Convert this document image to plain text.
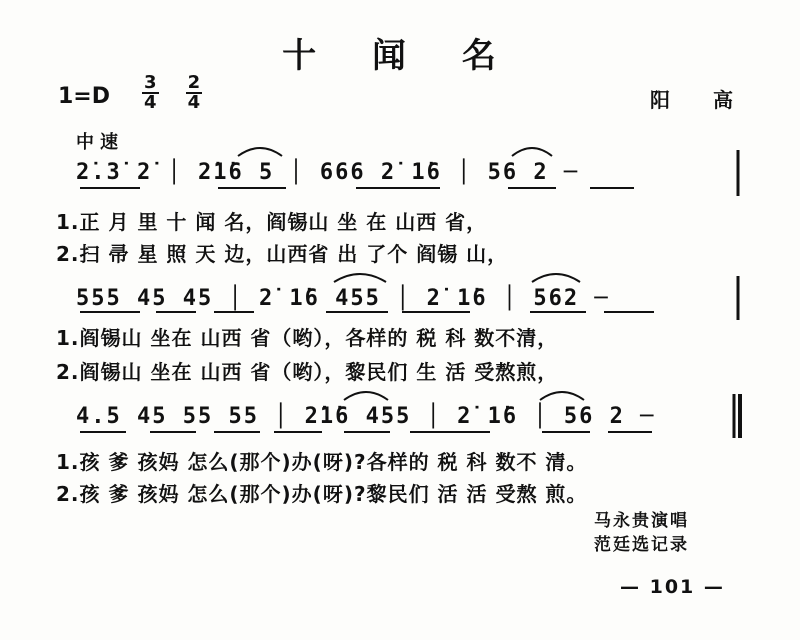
十 闻 名
$1=D \frac{3}{4}$
$\frac{2}{4}$	阳 高
中速
2̇.3̇ 2̇ │ 2̇1̇6 5 │ 666 2̇ 1̇6 │ 56 2 ─
1.正 月 里 十 闻 名，阎锡山 坐 在 山西 省，
2.扫 帚 星 照 天 边，山西省 出 了个 阎锡 山，
555 45 45 │ 2̇ 1̇6 455 │ 2̇ 1̇6 │ 562 ─
1.阎锡山 坐在 山西 省（哟），各样的 税 科 数不清，
2.阎锡山 坐在 山西 省（哟），黎民们 生 活 受熬煎，
4.5 45 55 55 │ 2̇1̇6 455 │ 2̇ 1̇6 │ 56 2 ─
1.孩 爹 孩妈 怎么(那个)办(呀)?各样的 税 科 数不 清。
2.孩 爹 孩妈 怎么(那个)办(呀)?黎民们 活 活 受熬 煎。
马永贵演唱
范廷选记录
— 101 —
